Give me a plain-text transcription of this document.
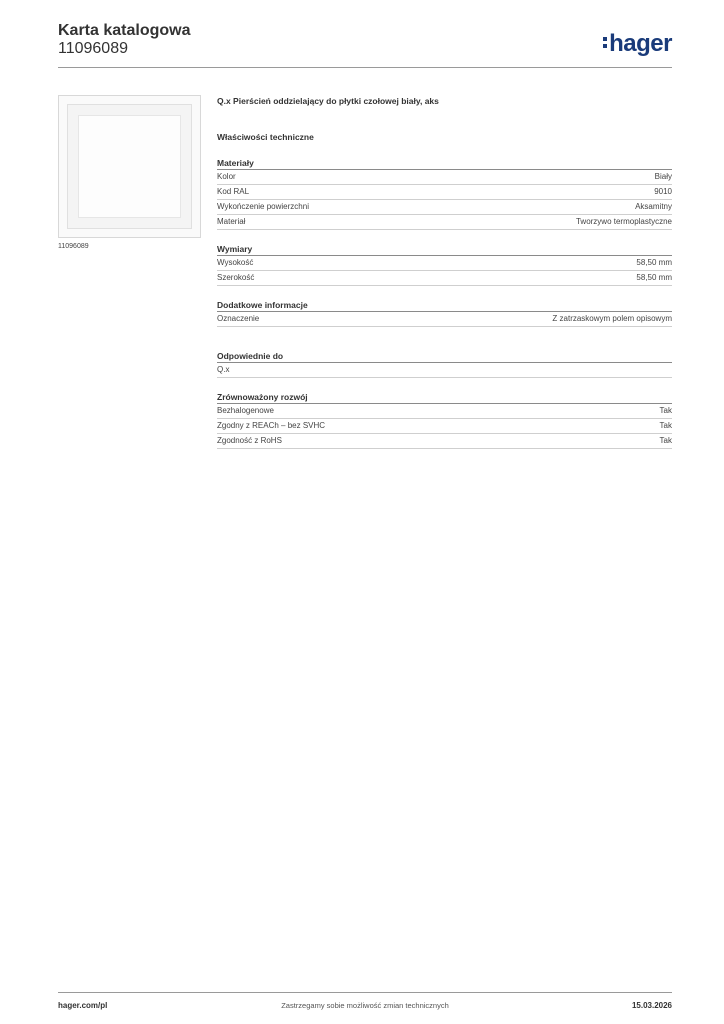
Karta katalogowa
11096089	hager
11096089
Q.x Pierścień oddzielający do płytki czołowej biały, aks
Właściwości techniczne
Materiały
Kolor	Biały
Kod RAL	9010
Wykończenie powierzchni	Aksamitny
Materiał	Tworzywo termoplastyczne
Wymiary
Wysokość	58,50 mm
Szerokość	58,50 mm
Dodatkowe informacje
Oznaczenie	Z zatrzaskowym polem opisowym
Odpowiednie do
Q.x
Zrównoważony rozwój
Bezhalogenowe	Tak
Zgodny z REACh – bez SVHC	Tak
Zgodność z RoHS	Tak
Zastrzegamy sobie możliwość zmian technicznych
hager.com/pl	15.03.2026
